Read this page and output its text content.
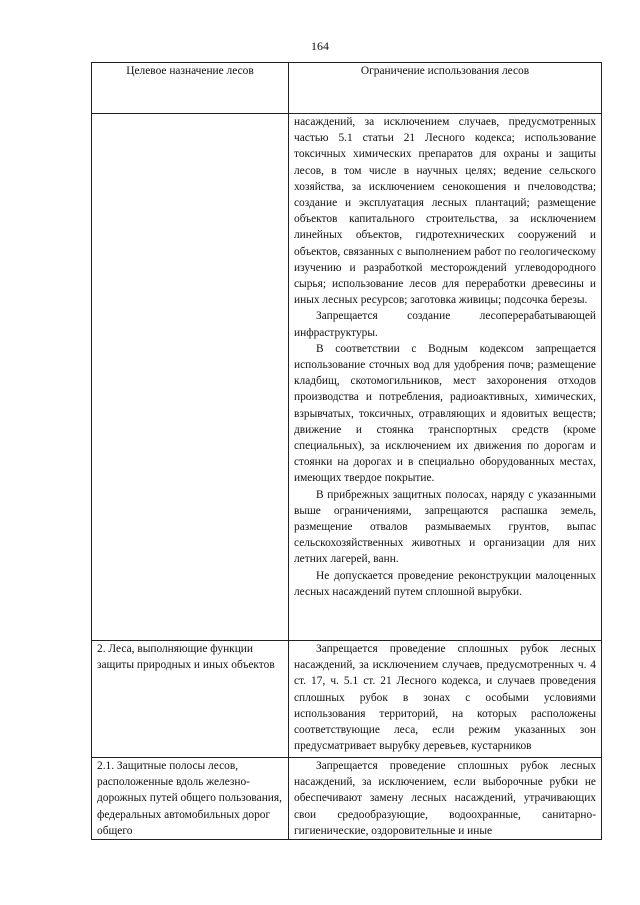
164
Целевое назначение лесов	Ограничение использования лесов

	насаждений, за исключением случаев, предусмотренных частью 5.1 статьи 21 Лесного кодекса; использование токсичных химических препаратов для охраны и защиты лесов, в том числе в научных целях; ведение сельского хозяйства, за исключением сенокошения и пчеловодства; создание и эксплуатация лесных плантаций; размещение объектов капитального строительства, за исключением линейных объектов, гидротехнических сооружений и объектов, связанных с выполнением работ по геологическому изучению и разработкой месторождений углеводородного сырья; использование лесов для переработки древесины и иных лесных ресурсов; заготовка живицы; подсочка березы.

Запрещается создание лесоперерабатывающей инфраструктуры.

В соответствии с Водным кодексом запрещается использование сточных вод для удобрения почв; размещение кладбищ, скотомогильников, мест захоронения отходов производства и потребления, радиоактивных, химических, взрывчатых, токсичных, отравляющих и ядовитых веществ; движение и стоянка транспортных средств (кроме специальных), за исключением их движения по дорогам и стоянки на дорогах и в специально оборудованных местах, имеющих твердое покрытие.

В прибрежных защитных полосах, наряду с указанными выше ограничениями, запрещаются распашка земель, размещение отвалов размываемых грунтов, выпас сельскохозяйственных животных и организации для них летних лагерей, ванн.

Не допускается проведение реконструкции малоценных лесных насаждений путем сплошной вырубки.

2. Леса, выполняющие функции защиты природных и иных объектов	Запрещается проведение сплошных рубок лесных насаждений, за исключением случаев, предусмотренных ч. 4 ст. 17, ч. 5.1 ст. 21 Лесного кодекса, и случаев проведения сплошных рубок в зонах с особыми условиями использования территорий, на которых расположены соответствующие леса, если режим указанных зон предусматривает вырубку деревьев, кустарников

2.1. Защитные полосы лесов, расположенные вдоль железно-дорожных путей общего пользования, федеральных автомобильных дорог общего	Запрещается проведение сплошных рубок лесных насаждений, за исключением, если выборочные рубки не обеспечивают замену лесных насаждений, утрачивающих свои средообразующие, водоохранные, санитарно-гигиенические, оздоровительные и иные
